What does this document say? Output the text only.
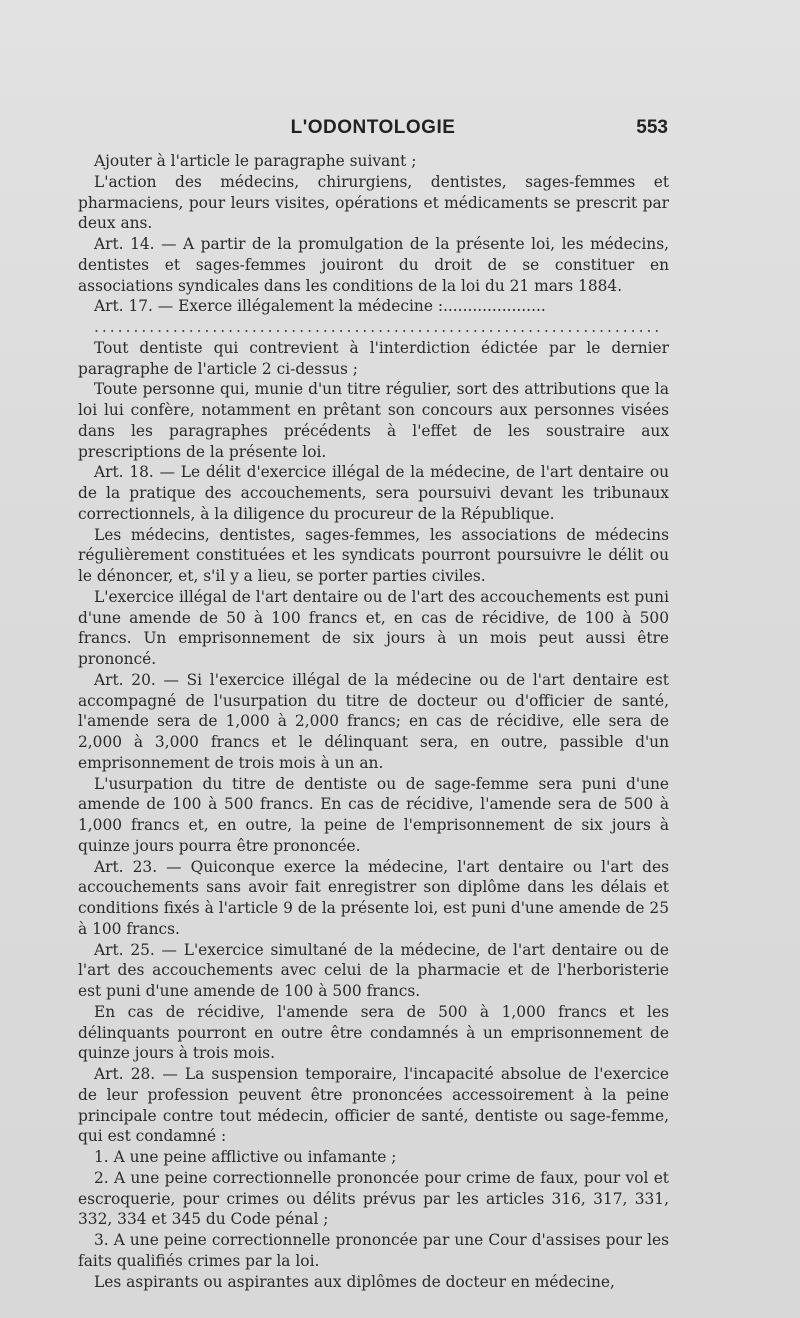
L'ODONTOLOGIE	553

Ajouter à l'article le paragraphe suivant ;

L'action des médecins, chirurgiens, dentistes, sages-femmes et pharmaciens, pour leurs visites, opérations et médicaments se prescrit par deux ans.

Art. 14. — A partir de la promulgation de la présente loi, les médecins, dentistes et sages-femmes jouiront du droit de se constituer en associations syndicales dans les conditions de la loi du 21 mars 1884.

Art. 17. — Exerce illégalement la médecine :.....................

........................................................................

Tout dentiste qui contrevient à l'interdiction édictée par le dernier paragraphe de l'article 2 ci-dessus ;

Toute personne qui, munie d'un titre régulier, sort des attributions que la loi lui confère, notamment en prêtant son concours aux personnes visées dans les paragraphes précédents à l'effet de les soustraire aux prescriptions de la présente loi.

Art. 18. — Le délit d'exercice illégal de la médecine, de l'art dentaire ou de la pratique des accouchements, sera poursuivi devant les tribunaux correctionnels, à la diligence du procureur de la République.

Les médecins, dentistes, sages-femmes, les associations de médecins régulièrement constituées et les syndicats pourront poursuivre le délit ou le dénoncer, et, s'il y a lieu, se porter parties civiles.

L'exercice illégal de l'art dentaire ou de l'art des accouchements est puni d'une amende de 50 à 100 francs et, en cas de récidive, de 100 à 500 francs. Un emprisonnement de six jours à un mois peut aussi être prononcé.

Art. 20. — Si l'exercice illégal de la médecine ou de l'art dentaire est accompagné de l'usurpation du titre de docteur ou d'officier de santé, l'amende sera de 1,000 à 2,000 francs; en cas de récidive, elle sera de 2,000 à 3,000 francs et le délinquant sera, en outre, passible d'un emprisonnement de trois mois à un an.

L'usurpation du titre de dentiste ou de sage-femme sera puni d'une amende de 100 à 500 francs. En cas de récidive, l'amende sera de 500 à 1,000 francs et, en outre, la peine de l'emprisonnement de six jours à quinze jours pourra être prononcée.

Art. 23. — Quiconque exerce la médecine, l'art dentaire ou l'art des accouchements sans avoir fait enregistrer son diplôme dans les délais et conditions fixés à l'article 9 de la présente loi, est puni d'une amende de 25 à 100 francs.

Art. 25. — L'exercice simultané de la médecine, de l'art dentaire ou de l'art des accouchements avec celui de la pharmacie et de l'herboristerie est puni d'une amende de 100 à 500 francs.

En cas de récidive, l'amende sera de 500 à 1,000 francs et les délinquants pourront en outre être condamnés à un emprisonnement de quinze jours à trois mois.

Art. 28. — La suspension temporaire, l'incapacité absolue de l'exercice de leur profession peuvent être prononcées accessoirement à la peine principale contre tout médecin, officier de santé, dentiste ou sage-femme, qui est condamné :

1. A une peine afflictive ou infamante ;

2. A une peine correctionnelle prononcée pour crime de faux, pour vol et escroquerie, pour crimes ou délits prévus par les articles 316, 317, 331, 332, 334 et 345 du Code pénal ;

3. A une peine correctionnelle prononcée par une Cour d'assises pour les faits qualifiés crimes par la loi.

Les aspirants ou aspirantes aux diplômes de docteur en médecine,
